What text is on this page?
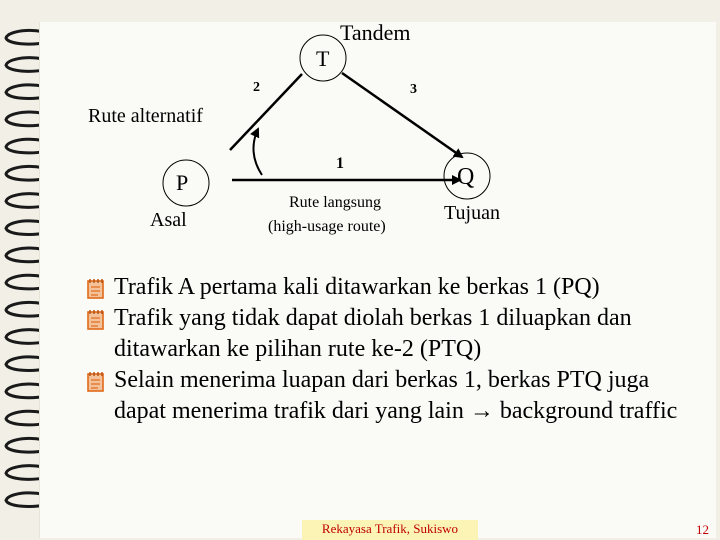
T
P	Q
Tandem
Rute alternatif
Asal	Tujuan
1
2	3
Rute langsung
(high-usage route)
Trafik A pertama kali ditawarkan ke berkas 1 (PQ)
Trafik yang tidak dapat diolah berkas 1 diluapkan dan ditawarkan ke pilihan rute ke-2 (PTQ)
Selain menerima luapan dari berkas 1, berkas PTQ juga dapat menerima trafik dari yang lain → background traffic
Rekayasa Trafik, Sukiswo	12
